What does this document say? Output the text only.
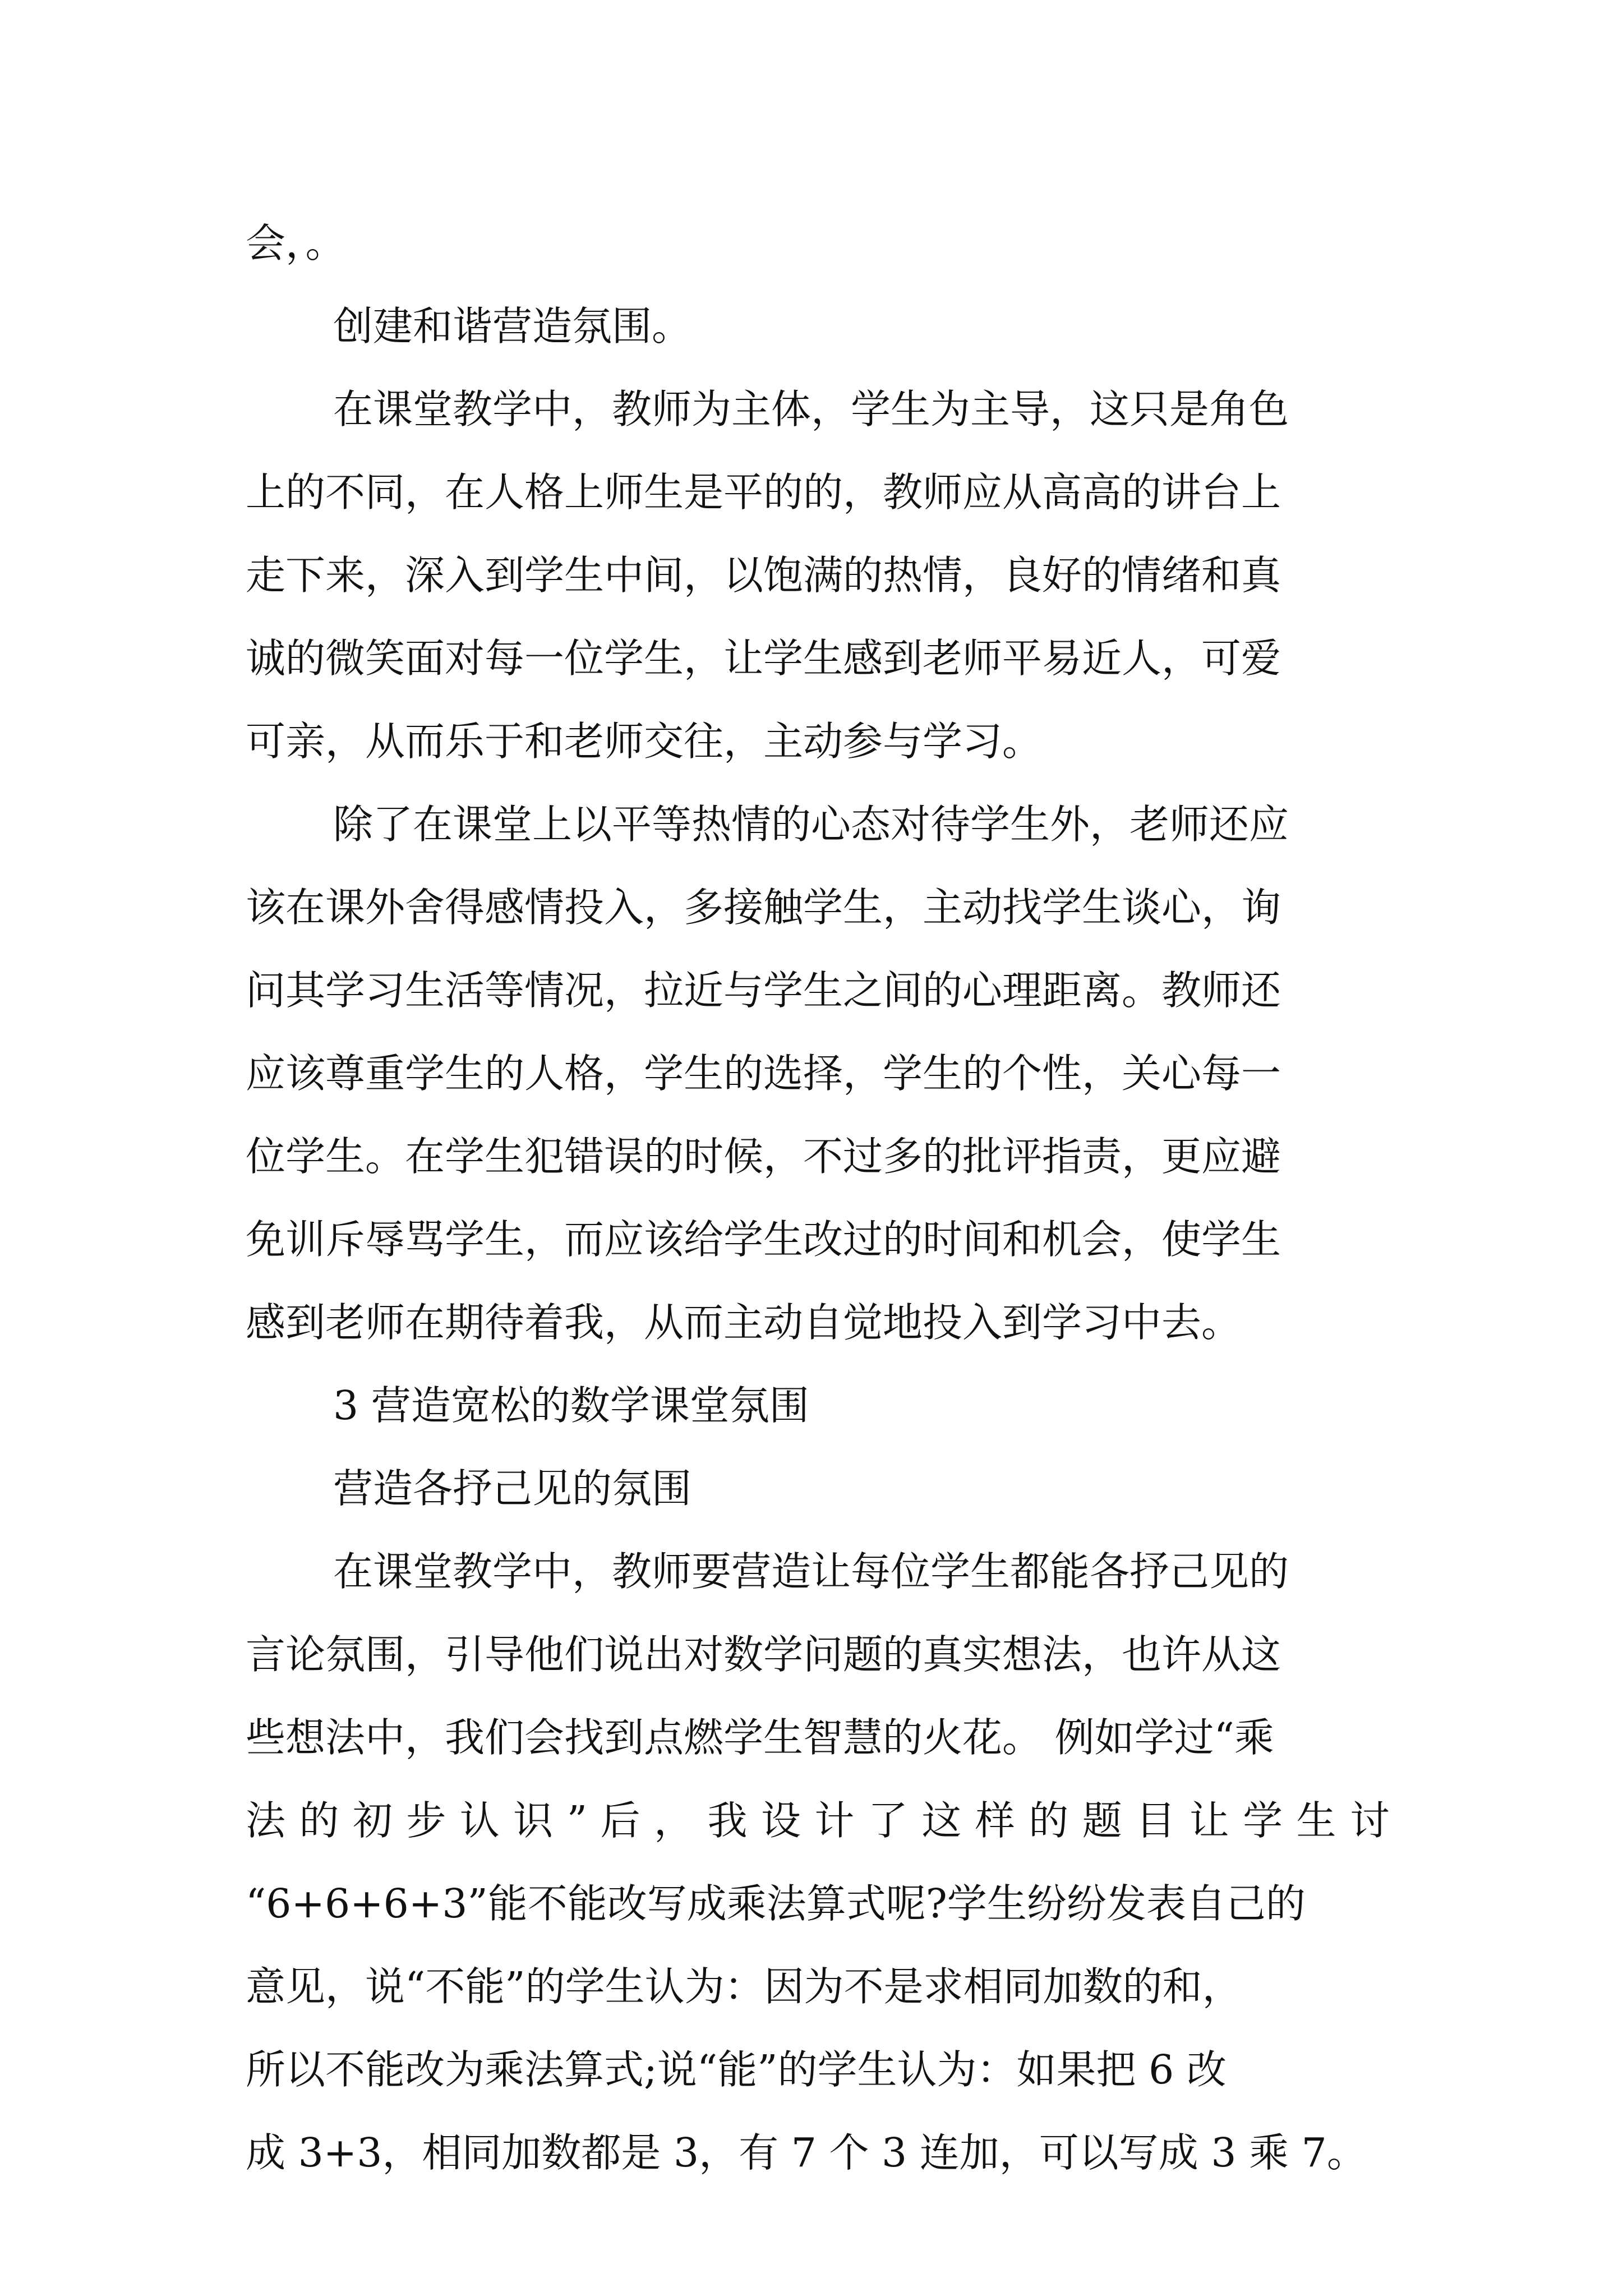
会，。
创建和谐营造氛围。
在课堂教学中，教师为主体，学生为主导，这只是角色
上的不同，在人格上师生是平的的，教师应从高高的讲台上
走下来，深入到学生中间，以饱满的热情，良好的情绪和真
诚的微笑面对每一位学生，让学生感到老师平易近人，可爱
可亲，从而乐于和老师交往，主动参与学习。
除了在课堂上以平等热情的心态对待学生外，老师还应
该在课外舍得感情投入，多接触学生，主动找学生谈心，询
问其学习生活等情况，拉近与学生之间的心理距离。教师还
应该尊重学生的人格，学生的选择，学生的个性，关心每一
位学生。在学生犯错误的时候，不过多的批评指责，更应避
免训斥辱骂学生，而应该给学生改过的时间和机会，使学生
感到老师在期待着我，从而主动自觉地投入到学习中去。
3 营造宽松的数学课堂氛围
营造各抒己见的氛围
在课堂教学中，教师要营造让每位学生都能各抒己见的
言论氛围，引导他们说出对数学问题的真实想法，也许从这
些想法中，我们会找到点燃学生智慧的火花。 例如学过“乘
法 的 初 步 认 识 ” 后 ， 我 设 计 了 这 样 的 题 目 让 学 生 讨
“6+6+6+3”能不能改写成乘法算式呢?学生纷纷发表自己的
意见，说“不能”的学生认为：因为不是求相同加数的和，
所以不能改为乘法算式;说“能”的学生认为：如果把 6 改
成 3+3，相同加数都是 3，有 7 个 3 连加，可以写成 3 乘 7。
